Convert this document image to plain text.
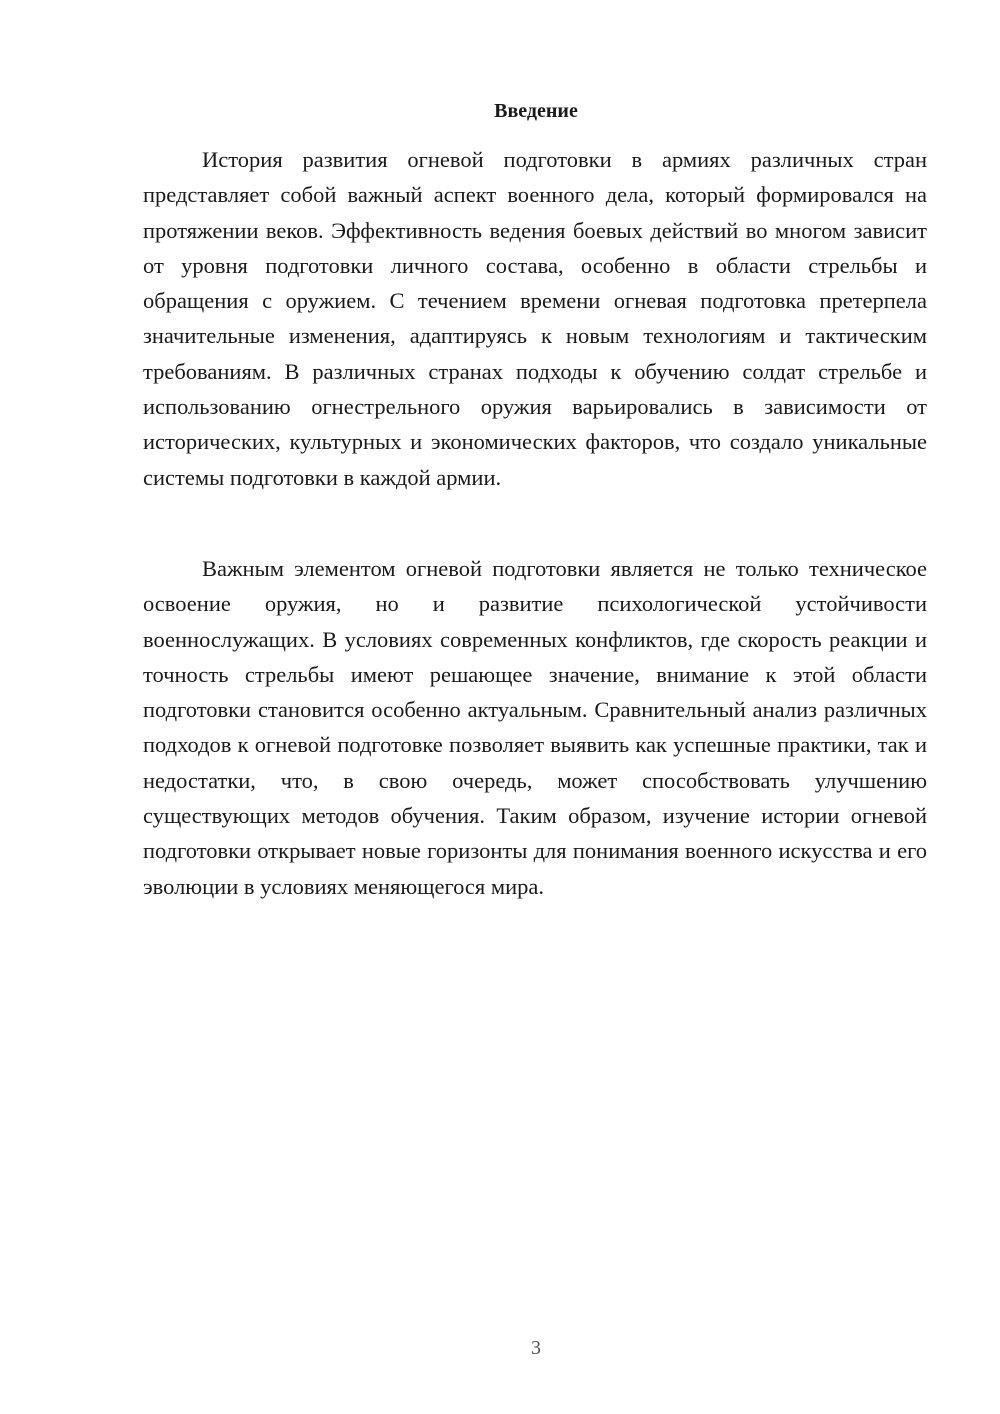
Введение

История развития огневой подготовки в армиях различных стран представляет собой важный аспект военного дела, который формировался на протяжении веков. Эффективность ведения боевых действий во многом зависит от уровня подготовки личного состава, особенно в области стрельбы и обращения с оружием. С течением времени огневая подготовка претерпела значительные изменения, адаптируясь к новым технологиям и тактическим требованиям. В различных странах подходы к обучению солдат стрельбе и использованию огнестрельного оружия варьировались в зависимости от исторических, культурных и экономических факторов, что создало уникальные системы подготовки в каждой армии.

Важным элементом огневой подготовки является не только техническое освоение оружия, но и развитие психологической устойчивости военнослужащих. В условиях современных конфликтов, где скорость реакции и точность стрельбы имеют решающее значение, внимание к этой области подготовки становится особенно актуальным. Сравнительный анализ различных подходов к огневой подготовке позволяет выявить как успешные практики, так и недостатки, что, в свою очередь, может способствовать улучшению существующих методов обучения. Таким образом, изучение истории огневой подготовки открывает новые горизонты для понимания военного искусства и его эволюции в условиях меняющегося мира.

3
